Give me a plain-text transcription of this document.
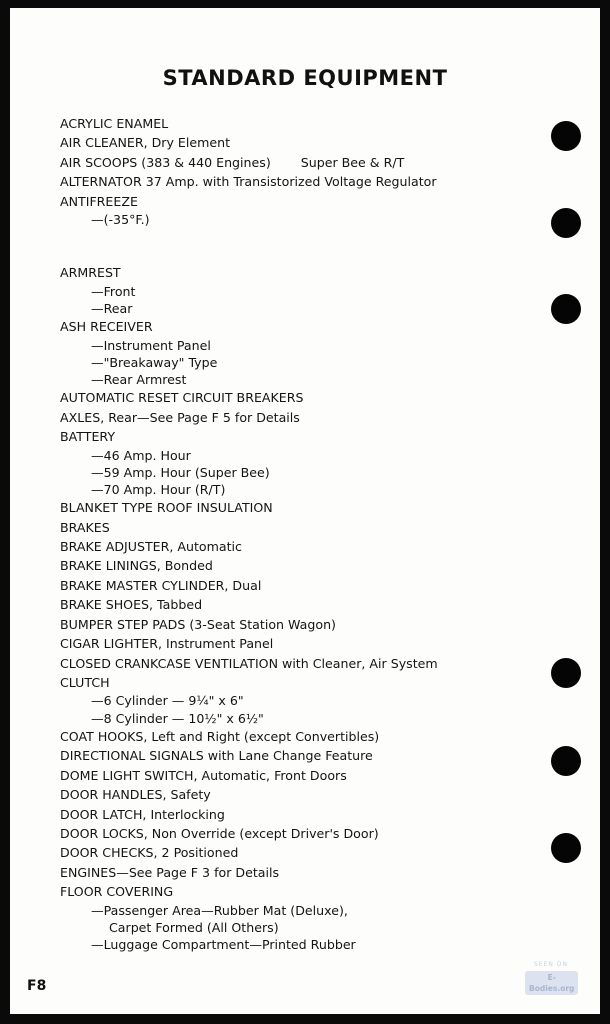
STANDARD EQUIPMENT
ACRYLIC ENAMEL
AIR CLEANER, Dry Element
AIR SCOOPS (383 & 440 Engines) Super Bee & R/T
ALTERNATOR 37 Amp. with Transistorized Voltage Regulator
ANTIFREEZE
—(-35°F.)
ARMREST
—Front
—Rear
ASH RECEIVER
—Instrument Panel
—"Breakaway" Type
—Rear Armrest
AUTOMATIC RESET CIRCUIT BREAKERS
AXLES, Rear—See Page F 5 for Details
BATTERY
—46 Amp. Hour
—59 Amp. Hour (Super Bee)
—70 Amp. Hour (R/T)
BLANKET TYPE ROOF INSULATION
BRAKES
BRAKE ADJUSTER, Automatic
BRAKE LININGS, Bonded
BRAKE MASTER CYLINDER, Dual
BRAKE SHOES, Tabbed
BUMPER STEP PADS (3-Seat Station Wagon)
CIGAR LIGHTER, Instrument Panel
CLOSED CRANKCASE VENTILATION with Cleaner, Air System
CLUTCH
—6 Cylinder — 9¼" x 6"
—8 Cylinder — 10½" x 6½"
COAT HOOKS, Left and Right (except Convertibles)
DIRECTIONAL SIGNALS with Lane Change Feature
DOME LIGHT SWITCH, Automatic, Front Doors
DOOR HANDLES, Safety
DOOR LATCH, Interlocking
DOOR LOCKS, Non Override (except Driver's Door)
DOOR CHECKS, 2 Positioned
ENGINES—See Page F 3 for Details
FLOOR COVERING
—Passenger Area—Rubber Mat (Deluxe),
Carpet Formed (All Others)
—Luggage Compartment—Printed Rubber
F8
SEEN ON
E-Bodies.org
